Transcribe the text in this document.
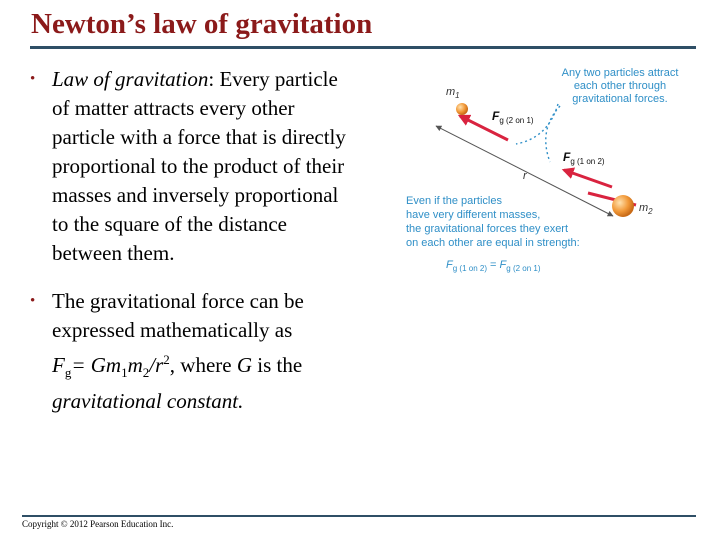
Newton’s law of gravitation
• Law of gravitation: Every particle
of matter attracts every other
particle with a force that is directly
proportional to the product of their
masses and inversely proportional
to the square of the distance
between them.
• The gravitational force can be
expressed mathematically as
$F_g= Gm_1m_2/r^2$, where G is the
gravitational constant.
r
$m_1$
$m_2$
$F_{g (2 on 1)}$
$F_{g (1 on 2)}$
Any two particles attract
each other through
gravitational forces.
Even if the particles
have very different masses,
the gravitational forces they exert
on each other are equal in strength:
$F_{g (1 on 2)} = F_{g (2 on 1)}$
Copyright © 2012 Pearson Education Inc.
